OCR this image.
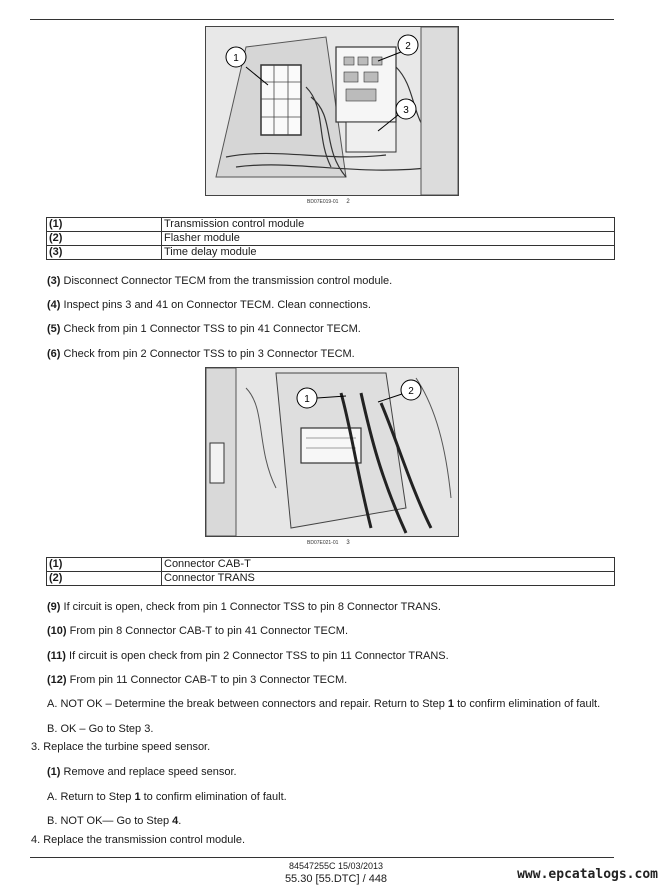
1
2
3
BD07E019-01 2
(1)	Transmission control module
(2)	Flasher module
(3)	Time delay module
(3) Disconnect Connector TECM from the transmission control module.
(4) Inspect pins 3 and 41 on Connector TECM. Clean connections.
(5) Check from pin 1 Connector TSS to pin 41 Connector TECM.
(6) Check from pin 2 Connector TSS to pin 3 Connector TECM.
1
2
BD07E021-01 3
(1)	Connector CAB-T
(2)	Connector TRANS
(9) If circuit is open, check from pin 1 Connector TSS to pin 8 Connector TRANS.
(10) From pin 8 Connector CAB-T to pin 41 Connector TECM.
(11) If circuit is open check from pin 2 Connector TSS to pin 11 Connector TRANS.
(12) From pin 11 Connector CAB-T to pin 3 Connector TECM.
A. NOT OK – Determine the break between connectors and repair. Return to Step 1 to confirm elimination of fault.
B. OK – Go to Step 3.
3. Replace the turbine speed sensor.
(1) Remove and replace speed sensor.
A. Return to Step 1 to confirm elimination of fault.
B. NOT OK— Go to Step 4.
4. Replace the transmission control module.
84547255C 15/03/2013
55.30 [55.DTC] / 448	www.epcatalogs.com
